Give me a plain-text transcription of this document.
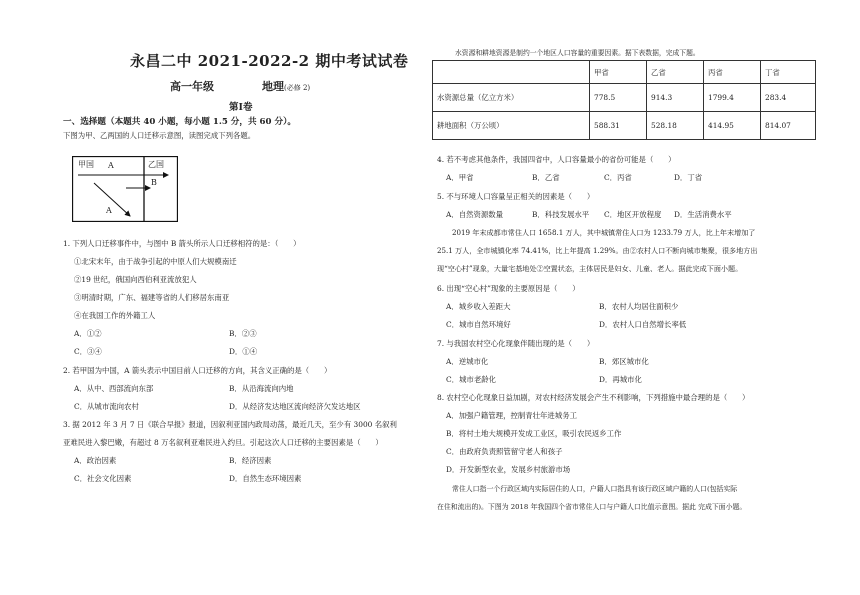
永昌二中 2021-2022-2 期中考试试卷
高一年级	地理(必修 2)
第Ⅰ卷
一、选择题（本题共 40 小题，每小题 1.5 分，共 60 分）。
下图为甲、乙两国的人口迁移示意图，读图完成下列各题。
甲国 A	乙国
B
A
1. 下列人口迁移事件中，与图中 B 箭头所示人口迁移相符的是：（　　）
①北宋末年，由于战争引起的中原人们大规模南迁
②19 世纪，俄国向西伯利亚流放犯人
③明清时期，广东、福建等省的人们移居东南亚
④在我国工作的外籍工人
A．①②	B．②③
C．③④	D．①④
2. 若甲国为中国，A 箭头表示中国目前人口迁移的方向，其含义正确的是（　　）
A．从中、西部流向东部	B．从沿海流向内地
C．从城市流向农村	D．从经济发达地区流向经济欠发达地区
3. 据 2012 年 3 月 7 日《联合早报》报道，因叙利亚国内政局动荡，最近几天，至少有 3000 名叙利
亚难民进入黎巴嫩，有超过 8 万名叙利亚难民进入约旦。引起这次人口迁移的主要因素是（　　）
A．政治因素	B．经济因素
C．社会文化因素	D．自然生态环境因素
水资源和耕地资源是制约一个地区人口容量的重要因素。据下表数据，完成下题。
	甲省	乙省	丙省	丁省
水资源总量（亿立方米）	778.5	914.3	1799.4	283.4
耕地面积（万公顷）	588.31	528.18	414.95	814.07
4. 若不考虑其他条件，我国四省中，人口容量最小的省份可能是（　　）
A．甲省	B．乙省	C．丙省	D．丁省
5. 不与环境人口容量呈正相关的因素是（　　）
A．自然资源数量	B．科技发展水平 C．地区开放程度 D．生活消费水平
2019 年末成都市常住人口 1658.1 万人，其中城镇常住人口为 1233.79 万人，比上年末增加了
25.1 万人，全市城镇化率 74.41%，比上年提高 1.29%。由②农村人口不断向城市集聚，很多地方出
现“空心村”现象，大量宅基地处②空置状态，主体居民是妇女、儿童、老人。据此完成下面小题。
6. 出现“空心村”现象的主要原因是（　　）
A．城乡收入差距大	B．农村人均居住面积少
C．城市自然环境好	D．农村人口自然增长率低
7. 与我国农村空心化现象伴随出现的是（　　）
A．逆城市化	B．郊区城市化
C．城市老龄化	D．再城市化
8. 农村空心化现象日益加剧，对农村经济发展会产生不利影响，下列措施中最合理的是（　　）
A．加强户籍管理，控制青壮年进城务工
B．将村土地大规模开发成工业区，吸引农民返乡工作
C．由政府负责照管留守老人和孩子
D．开发新型农业，发展乡村旅游市场
常住人口指一个行政区域内实际居住的人口，户籍人口指具有该行政区域户籍的人口(包括实际
在住和流出的)。下图为 2018 年我国四个省市常住人口与户籍人口比值示意图。据此 完成下面小题。
